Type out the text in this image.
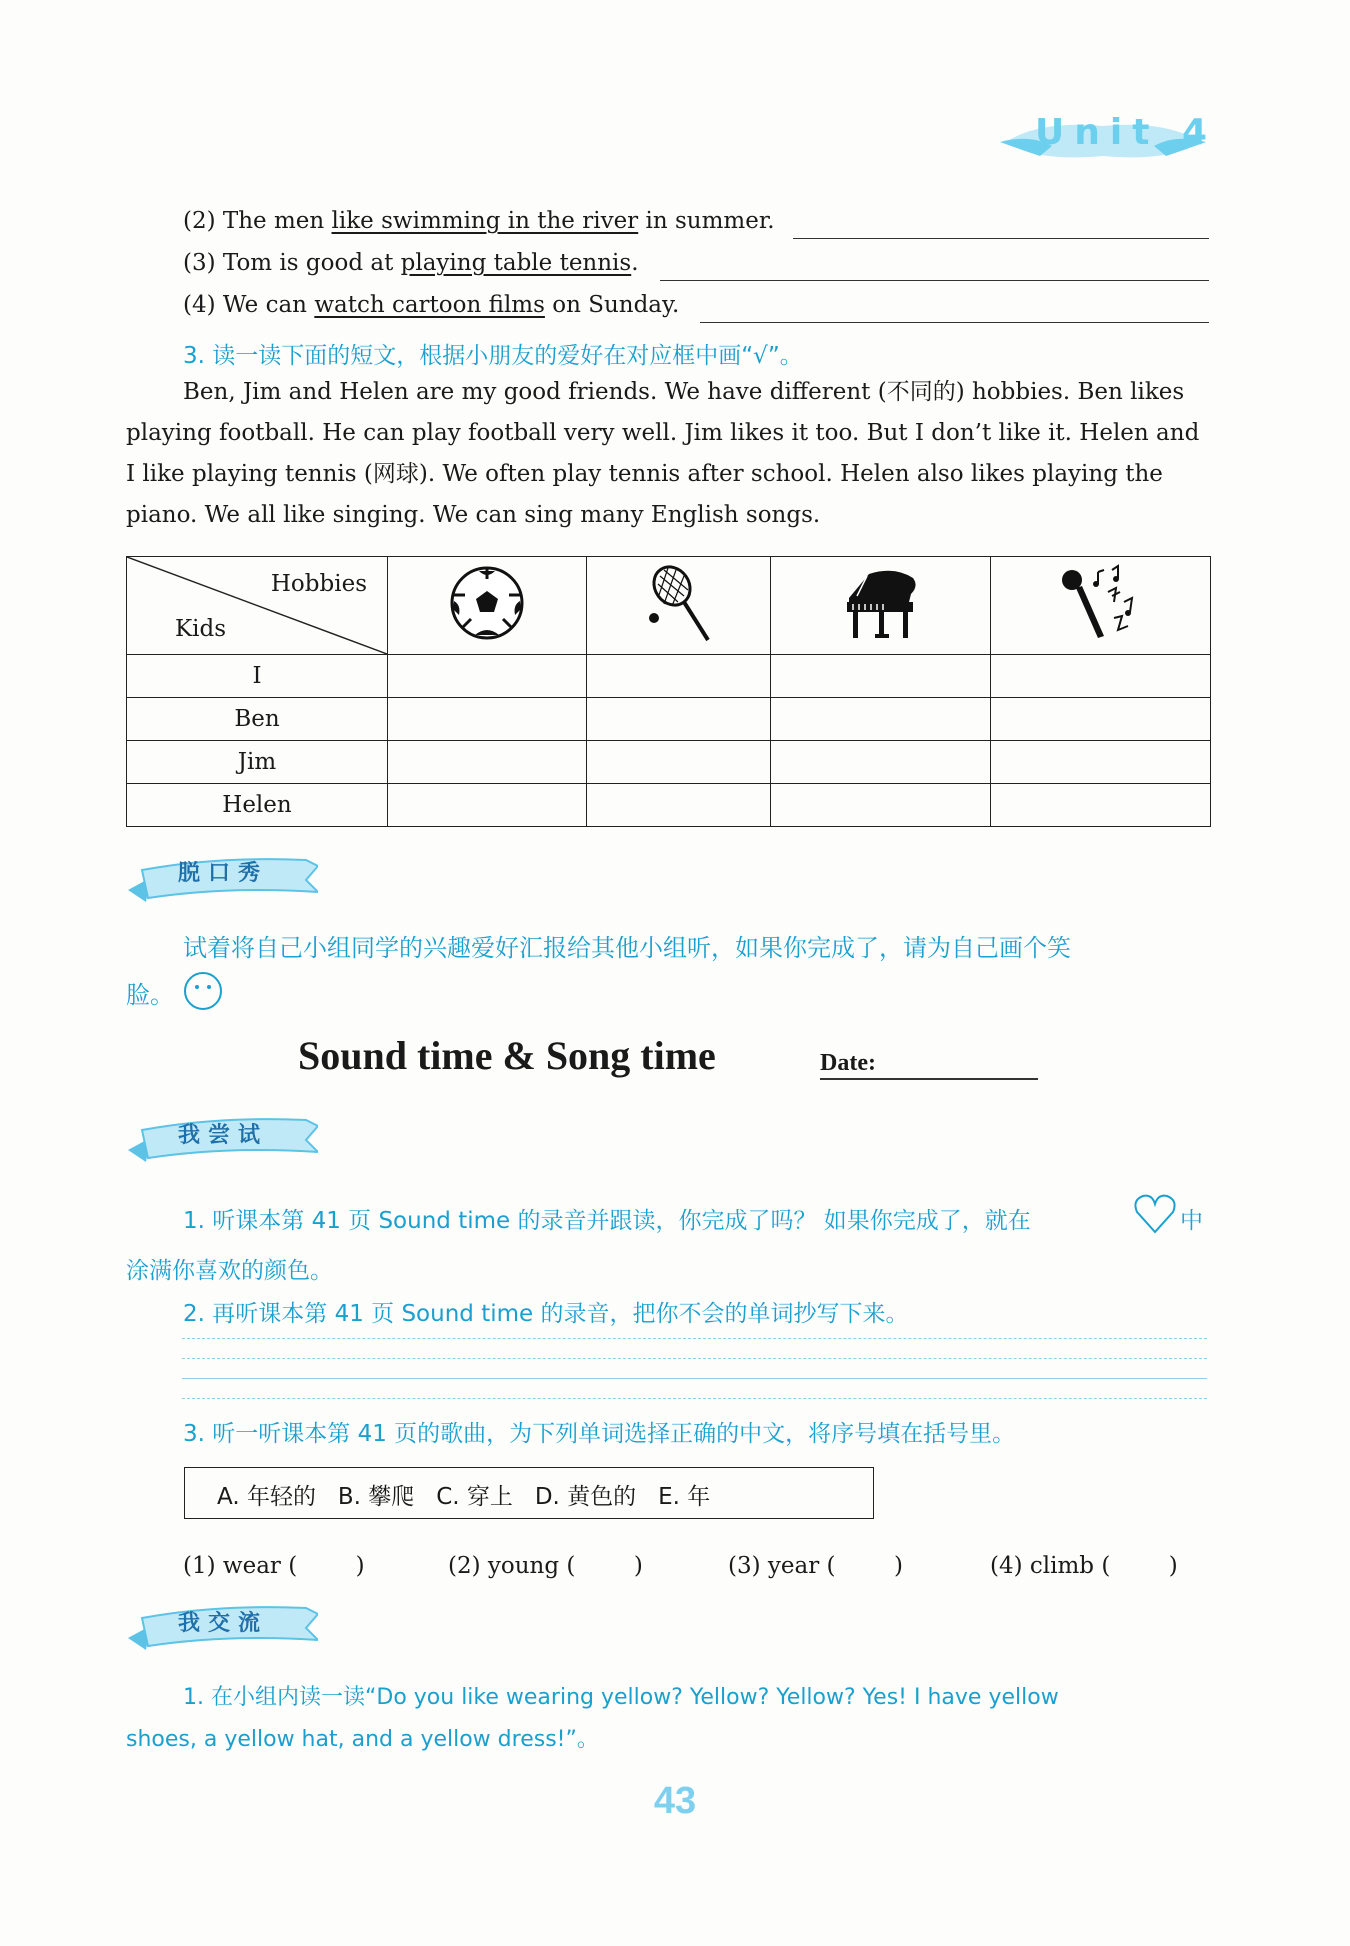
Unit 4
(2) The men like swimming in the river in summer.
(3) Tom is good at playing table tennis.
(4) We can watch cartoon films on Sunday.
3. 读一读下面的短文，根据小朋友的爱好在对应框中画“√”。
Ben, Jim and Helen are my good friends. We have different (不同的) hobbies. Ben likes
playing football. He can play football very well. Jim likes it too. But I don’t like it. Helen and
I like playing tennis (网球). We often play tennis after school. Helen also likes playing the
piano. We all like singing. We can sing many English songs.
Hobbies
Kids

I				
Ben				
Jim				
Helen				
脱口秀
试着将自己小组同学的兴趣爱好汇报给其他小组听，如果你完成了，请为自己画个笑
脸。
Sound time & Song time	Date:
我尝试
1. 听课本第 41 页 Sound time 的录音并跟读，你完成了吗？ 如果你完成了，就在	中
涂满你喜欢的颜色。
2. 再听课本第 41 页 Sound time 的录音，把你不会的单词抄写下来。
3. 听一听课本第 41 页的歌曲，为下列单词选择正确的中文，将序号填在括号里。
A. 年轻的   B. 攀爬   C. 穿上   D. 黄色的   E. 年
(1) wear (        )	(2) young (        )	(3) year (        )	(4) climb (        )
我交流
1. 在小组内读一读“Do you like wearing yellow? Yellow? Yellow? Yes! I have yellow
shoes, a yellow hat, and a yellow dress!”。
43
